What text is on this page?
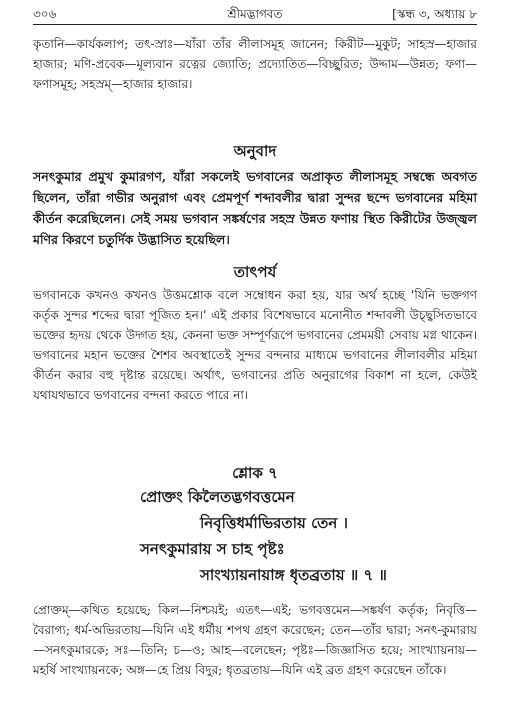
৩০৬	শ্রীমদ্ভাগবত	[স্কন্ধ ৩, অধ্যায় ৮

কৃতানি—কার্যকলাপ; তৎ-স্রাঃ—যাঁরা তাঁর লীলাসমূহ জানেন; কিরীট—মুকুট; সাহস্র—হাজার হাজার; মণি-প্রবেক—মূল্যবান রত্নের জ্যোতি; প্রদ্যোতিত—বিচ্ছুরিত; উদ্দাম—উন্নত; ফণা—ফণাসমূহ; সহস্রম্—হাজার হাজার।

অনুবাদ

সনৎকুমার প্রমুখ কুমারগণ, যাঁরা সকলেই ভগবানের অপ্রাকৃত লীলাসমূহ সম্বন্ধে অবগত ছিলেন, তাঁরা গভীর অনুরাগ এবং প্রেমপূর্ণ শব্দাবলীর দ্বারা সুন্দর ছন্দে ভগবানের মহিমা কীর্তন করেছিলেন। সেই সময় ভগবান সঙ্কর্ষণের সহস্র উন্নত ফণায় স্থিত কিরীটের উজ্জ্বল মণির কিরণে চতুর্দিক উদ্ভাসিত হয়েছিল।

তাৎপর্য

ভগবানকে কখনও কখনও উত্তমশ্লোক বলে সম্বোধন করা হয়, যার অর্থ হচ্ছে 'যিনি ভক্তগণ কর্তৃক সুন্দর শব্দের দ্বারা পূজিত হন।' এই প্রকার বিশেষভাবে মনোনীত শব্দাবলী উচ্ছ্বসিতভাবে ভক্তের হৃদয় থেকে উদ্গত হয়, কেননা ভক্ত সম্পূর্ণরূপে ভগবানের প্রেমময়ী সেবায় মগ্ন থাকেন। ভগবানের মহান ভক্তের শৈশব অবস্থাতেই সুন্দর বন্দনার মাধ্যমে ভগবানের লীলাবলীর মহিমা কীর্তন করার বহু দৃষ্টান্ত রয়েছে। অর্থাৎ, ভগবানের প্রতি অনুরাগের বিকাশ না হলে, কেউই যথাযথভাবে ভগবানের বন্দনা করতে পারে না।

শ্লোক ৭
প্রোক্তং কিলৈতদ্ভগবত্তমেন
নিবৃত্তিধর্মাভিরতায় তেন ।
সনৎকুমারায় স চাহ পৃষ্টঃ
সাংখ্যায়নায়াঙ্গ ধৃতব্রতায় ॥ ৭ ॥

প্রোক্তম্—কথিত হয়েছে; কিল—নিশ্চয়ই; এতৎ—এই; ভগবত্তমেন—সঙ্কর্ষণ কর্তৃক; নিবৃত্তি—বৈরাগ্য; ধর্ম-অভিরতায়—যিনি এই ধর্মীয় শপথ গ্রহণ করেছেন; তেন—তাঁর দ্বারা; সনৎ-কুমারায়—সনৎকুমারকে; সঃ—তিনি; চ—ও; আহ—বলেছেন; পৃষ্টঃ—জিজ্ঞাসিত হয়ে; সাংখ্যায়নায়—মহর্ষি সাংখ্যায়নকে; অঙ্গ—হে প্রিয় বিদুর; ধৃতব্রতায়—যিনি এই ব্রত গ্রহণ করেছেন তাঁকে।
